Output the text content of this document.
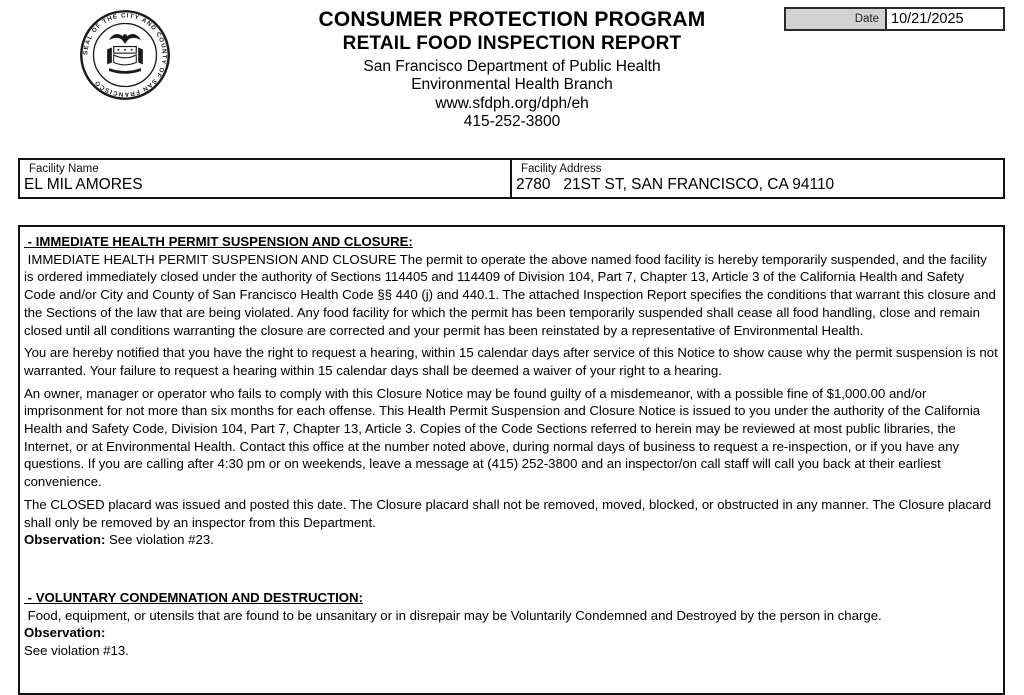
SEAL OF THE CITY AND COUNTY OF SAN FRANCISCO
CONSUMER PROTECTION PROGRAM
RETAIL FOOD INSPECTION REPORT
San Francisco Department of Public Health
Environmental Health Branch
www.sfdph.org/dph/eh
415-252-3800
Date 10/21/2025
Facility Name
EL MIL AMORES
Facility Address
2780   21ST ST, SAN FRANCISCO, CA 94110
- IMMEDIATE HEALTH PERMIT SUSPENSION AND CLOSURE:
IMMEDIATE HEALTH PERMIT SUSPENSION AND CLOSURE The permit to operate the above named food facility is hereby temporarily suspended, and the facility is ordered immediately closed under the authority of Sections 114405 and 114409 of Division 104, Part 7, Chapter 13, Article 3 of the California Health and Safety Code and/or City and County of San Francisco Health Code §§ 440 (j) and 440.1. The attached Inspection Report specifies the conditions that warrant this closure and the Sections of the law that are being violated. Any food facility for which the permit has been temporarily suspended shall cease all food handling, close and remain closed until all conditions warranting the closure are corrected and your permit has been reinstated by a representative of Environmental Health.
You are hereby notified that you have the right to request a hearing, within 15 calendar days after service of this Notice to show cause why the permit suspension is not warranted. Your failure to request a hearing within 15 calendar days shall be deemed a waiver of your right to a hearing.
An owner, manager or operator who fails to comply with this Closure Notice may be found guilty of a misdemeanor, with a possible fine of $1,000.00 and/or imprisonment for not more than six months for each offense. This Health Permit Suspension and Closure Notice is issued to you under the authority of the California Health and Safety Code, Division 104, Part 7, Chapter 13, Article 3. Copies of the Code Sections referred to herein may be reviewed at most public libraries, the Internet, or at Environmental Health. Contact this office at the number noted above, during normal days of business to request a re-inspection, or if you have any questions. If you are calling after 4:30 pm or on weekends, leave a message at (415) 252-3800 and an inspector/on call staff will call you back at their earliest convenience.
The CLOSED placard was issued and posted this date. The Closure placard shall not be removed, moved, blocked, or obstructed in any manner. The Closure placard shall only be removed by an inspector from this Department.
Observation: See violation #23.
- VOLUNTARY CONDEMNATION AND DESTRUCTION:
Food, equipment, or utensils that are found to be unsanitary or in disrepair may be Voluntarily Condemned and Destroyed by the person in charge.
Observation:
See violation #13.
